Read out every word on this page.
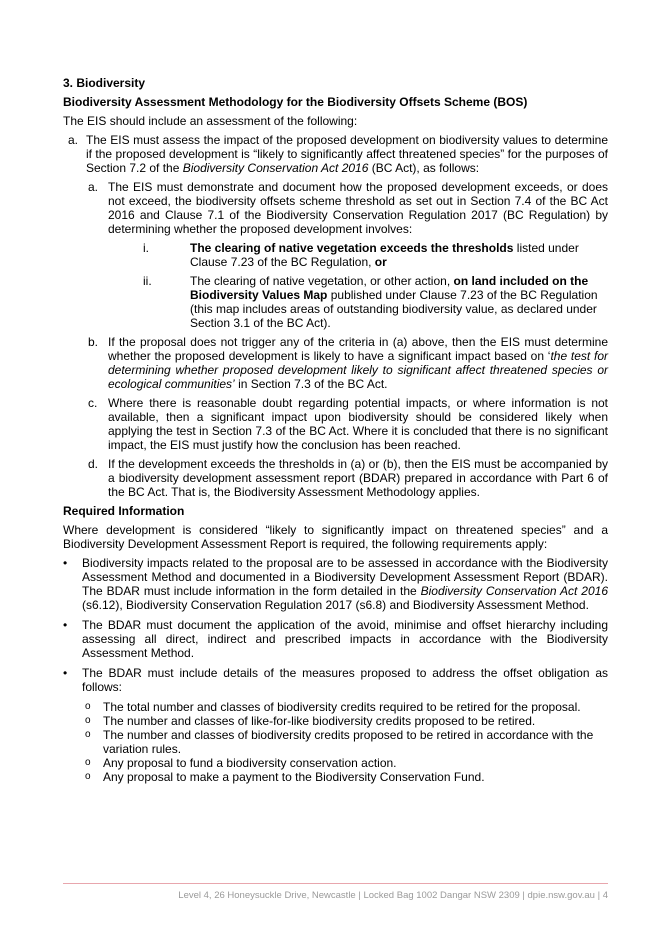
3. Biodiversity

Biodiversity Assessment Methodology for the Biodiversity Offsets Scheme (BOS)

The EIS should include an assessment of the following:

a. The EIS must assess the impact of the proposed development on biodiversity values to determine if the proposed development is “likely to significantly affect threatened species” for the purposes of Section 7.2 of the Biodiversity Conservation Act 2016 (BC Act), as follows:
a. The EIS must demonstrate and document how the proposed development exceeds, or does not exceed, the biodiversity offsets scheme threshold as set out in Section 7.4 of the BC Act 2016 and Clause 7.1 of the Biodiversity Conservation Regulation 2017 (BC Regulation) by determining whether the proposed development involves:
i.	The clearing of native vegetation exceeds the thresholds listed under Clause 7.23 of the BC Regulation, or
ii.	The clearing of native vegetation, or other action, on land included on the Biodiversity Values Map published under Clause 7.23 of the BC Regulation (this map includes areas of outstanding biodiversity value, as declared under Section 3.1 of the BC Act).
b. If the proposal does not trigger any of the criteria in (a) above, then the EIS must determine whether the proposed development is likely to have a significant impact based on ‘the test for determining whether proposed development likely to significant affect threatened species or ecological communities’ in Section 7.3 of the BC Act.
c. Where there is reasonable doubt regarding potential impacts, or where information is not available, then a significant impact upon biodiversity should be considered likely when applying the test in Section 7.3 of the BC Act. Where it is concluded that there is no significant impact, the EIS must justify how the conclusion has been reached.
d. If the development exceeds the thresholds in (a) or (b), then the EIS must be accompanied by a biodiversity development assessment report (BDAR) prepared in accordance with Part 6 of the BC Act. That is, the Biodiversity Assessment Methodology applies.

Required Information

Where development is considered “likely to significantly impact on threatened species” and a Biodiversity Development Assessment Report is required, the following requirements apply:

• Biodiversity impacts related to the proposal are to be assessed in accordance with the Biodiversity Assessment Method and documented in a Biodiversity Development Assessment Report (BDAR). The BDAR must include information in the form detailed in the Biodiversity Conservation Act 2016 (s6.12), Biodiversity Conservation Regulation 2017 (s6.8) and Biodiversity Assessment Method.
• The BDAR must document the application of the avoid, minimise and offset hierarchy including assessing all direct, indirect and prescribed impacts in accordance with the Biodiversity Assessment Method.
• The BDAR must include details of the measures proposed to address the offset obligation as follows:
o The total number and classes of biodiversity credits required to be retired for the proposal.
o The number and classes of like-for-like biodiversity credits proposed to be retired.
o The number and classes of biodiversity credits proposed to be retired in accordance with the variation rules.
o Any proposal to fund a biodiversity conservation action.
o Any proposal to make a payment to the Biodiversity Conservation Fund.
Level 4, 26 Honeysuckle Drive, Newcastle | Locked Bag 1002 Dangar NSW 2309 | dpie.nsw.gov.au | 4
